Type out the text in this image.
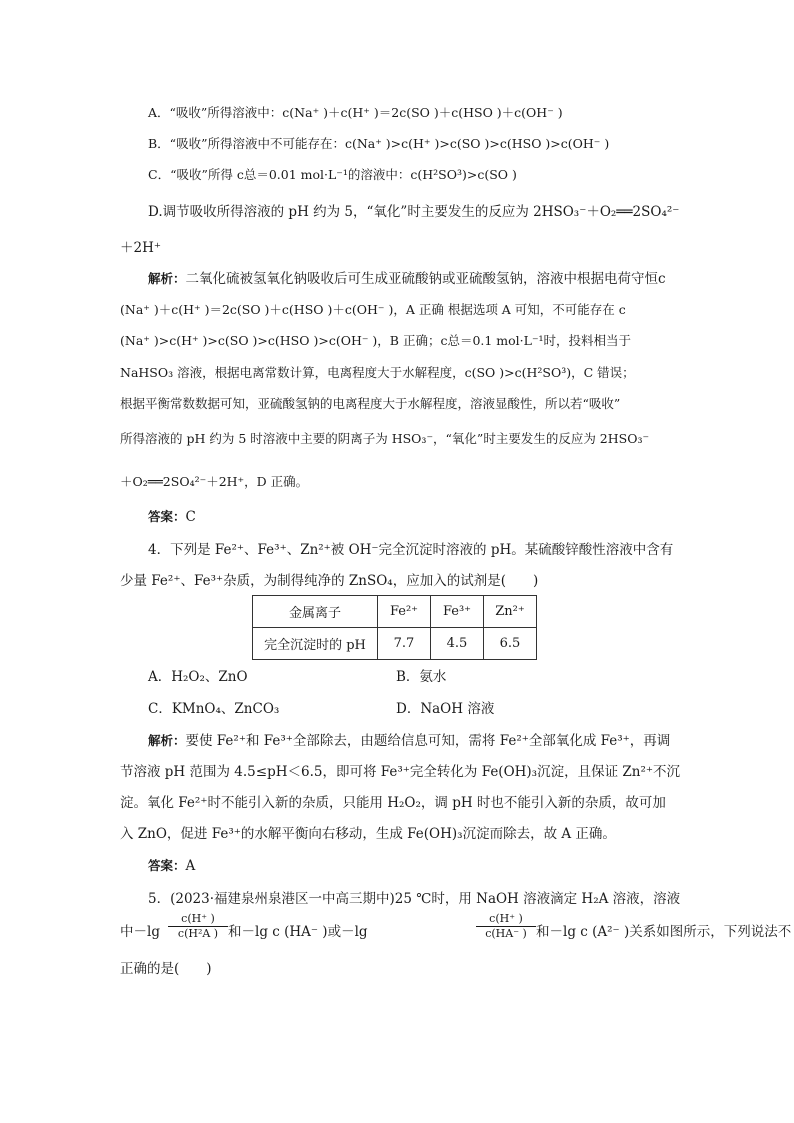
A．“吸收”所得溶液中：c(Na⁺ )＋c(H⁺ )＝2c(SO )＋c(HSO )＋c(OH⁻ )
B．“吸收”所得溶液中不可能存在：c(Na⁺ )>c(H⁺ )>c(SO )>c(HSO )>c(OH⁻ )
C．“吸收”所得 c总＝0.01 mol·L⁻¹的溶液中：c(H²SO³)>c(SO )
D.调节吸收所得溶液的 pH 约为 5，“氧化”时主要发生的反应为 2HSO₃⁻＋O₂══2SO₄²⁻
＋2H⁺
解析：二氧化硫被氢氧化钠吸收后可生成亚硫酸钠或亚硫酸氢钠，溶液中根据电荷守恒c
(Na⁺ )＋c(H⁺ )＝2c(SO )＋c(HSO )＋c(OH⁻ )，A 正确 根据选项 A 可知，不可能存在 c
(Na⁺ )>c(H⁺ )>c(SO )>c(HSO )>c(OH⁻ )，B 正确；c总＝0.1 mol·L⁻¹时，投料相当于
NaHSO₃ 溶液，根据电离常数计算，电离程度大于水解程度，c(SO )>c(H²SO³)，C 错误；
根据平衡常数数据可知，亚硫酸氢钠的电离程度大于水解程度，溶液显酸性，所以若“吸收”
所得溶液的 pH 约为 5 时溶液中主要的阴离子为 HSO₃⁻，“氧化”时主要发生的反应为 2HSO₃⁻
＋O₂══2SO₄²⁻＋2H⁺，D 正确。
答案：C
4．下列是 Fe²⁺、Fe³⁺、Zn²⁺被 OH⁻完全沉淀时溶液的 pH。某硫酸锌酸性溶液中含有
少量 Fe²⁺、Fe³⁺杂质，为制得纯净的 ZnSO₄，应加入的试剂是(　　)
金属离子	Fe²⁺	Fe³⁺	Zn²⁺
完全沉淀时的 pH	7.7	4.5	6.5
A．H₂O₂、ZnO	B．氨水
C．KMnO₄、ZnCO₃	D．NaOH 溶液
解析：要使 Fe²⁺和 Fe³⁺全部除去，由题给信息可知，需将 Fe²⁺全部氧化成 Fe³⁺，再调
节溶液 pH 范围为 4.5≤pH＜6.5，即可将 Fe³⁺完全转化为 Fe(OH)₃沉淀，且保证 Zn²⁺不沉
淀。氧化 Fe²⁺时不能引入新的杂质，只能用 H₂O₂，调 pH 时也不能引入新的杂质，故可加
入 ZnO，促进 Fe³⁺的水解平衡向右移动，生成 Fe(OH)₃沉淀而除去，故 A 正确。
答案：A
5．(2023·福建泉州泉港区一中高三期中)25 ℃时，用 NaOH 溶液滴定 H₂A 溶液，溶液
中$-\lg \frac{c(H^+ )}{\text{c(H²A )}}$ 和－lg c (HA⁻ )或－lg	$\frac{c(H^+ )}{c(HA^- )}$ 和－lg c (A²⁻ )关系如图所示，下列说法不
正确的是(　　)
